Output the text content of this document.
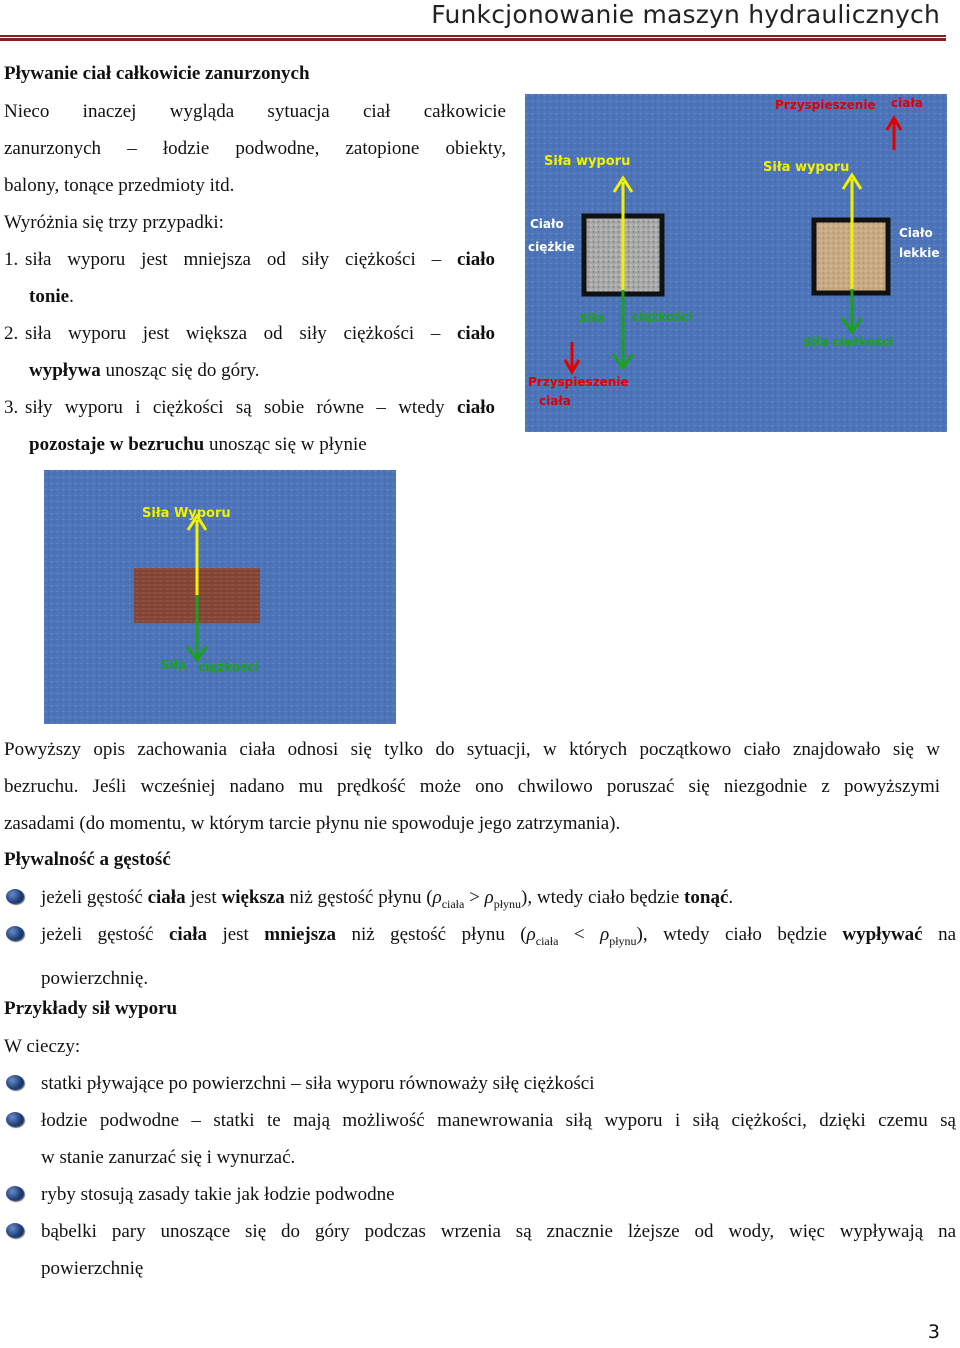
Funkcjonowanie maszyn hydraulicznych
Pływanie ciał całkowicie zanurzonych
Nieco inaczej wygląda sytuacja ciał całkowicie
zanurzonych – łodzie podwodne, zatopione obiekty,
balony, tonące przedmioty itd.
Wyróżnia się trzy przypadki:
1. siła wyporu jest mniejsza od siły ciężkości – ciało
tonie.
2. siła wyporu jest większa od siły ciężkości – ciało
wypływa unosząc się do góry.
3. siły wyporu i ciężkości są sobie równe – wtedy ciało
pozostaje w bezruchu unosząc się w płynie
Siła wyporu
Ciało
ciężkie
Siła ciężkości
Przyspieszenie
ciała
Przyspieszenie ciała
Siła wyporu
Ciało
lekkie
Siła ciężkości
Siła Wyporu
Siła ciężkości
Powyższy opis zachowania ciała odnosi się tylko do sytuacji, w których początkowo ciało znajdowało się w
bezruchu. Jeśli wcześniej nadano mu prędkość może ono chwilowo poruszać się niezgodnie z powyższymi
zasadami (do momentu, w którym tarcie płynu nie spowoduje jego zatrzymania).
Pływalność a gęstość
jeżeli gęstość ciała jest większa niż gęstość płynu $(\rho_{ciała} > \rho_{płynu})$, wtedy ciało będzie tonąć.
jeżeli gęstość ciała jest mniejsza niż gęstość płynu $(\rho_{ciała} < \rho_{płynu})$, wtedy ciało będzie wypływać na
powierzchnię.
Przykłady sił wyporu
W cieczy:
statki pływające po powierzchni – siła wyporu równoważy siłę ciężkości
łodzie podwodne – statki te mają możliwość manewrowania siłą wyporu i siłą ciężkości, dzięki czemu są
w stanie zanurzać się i wynurzać.
ryby stosują zasady takie jak łodzie podwodne
bąbelki pary unoszące się do góry podczas wrzenia są znacznie lżejsze od wody, więc wypływają na
powierzchnię
3
